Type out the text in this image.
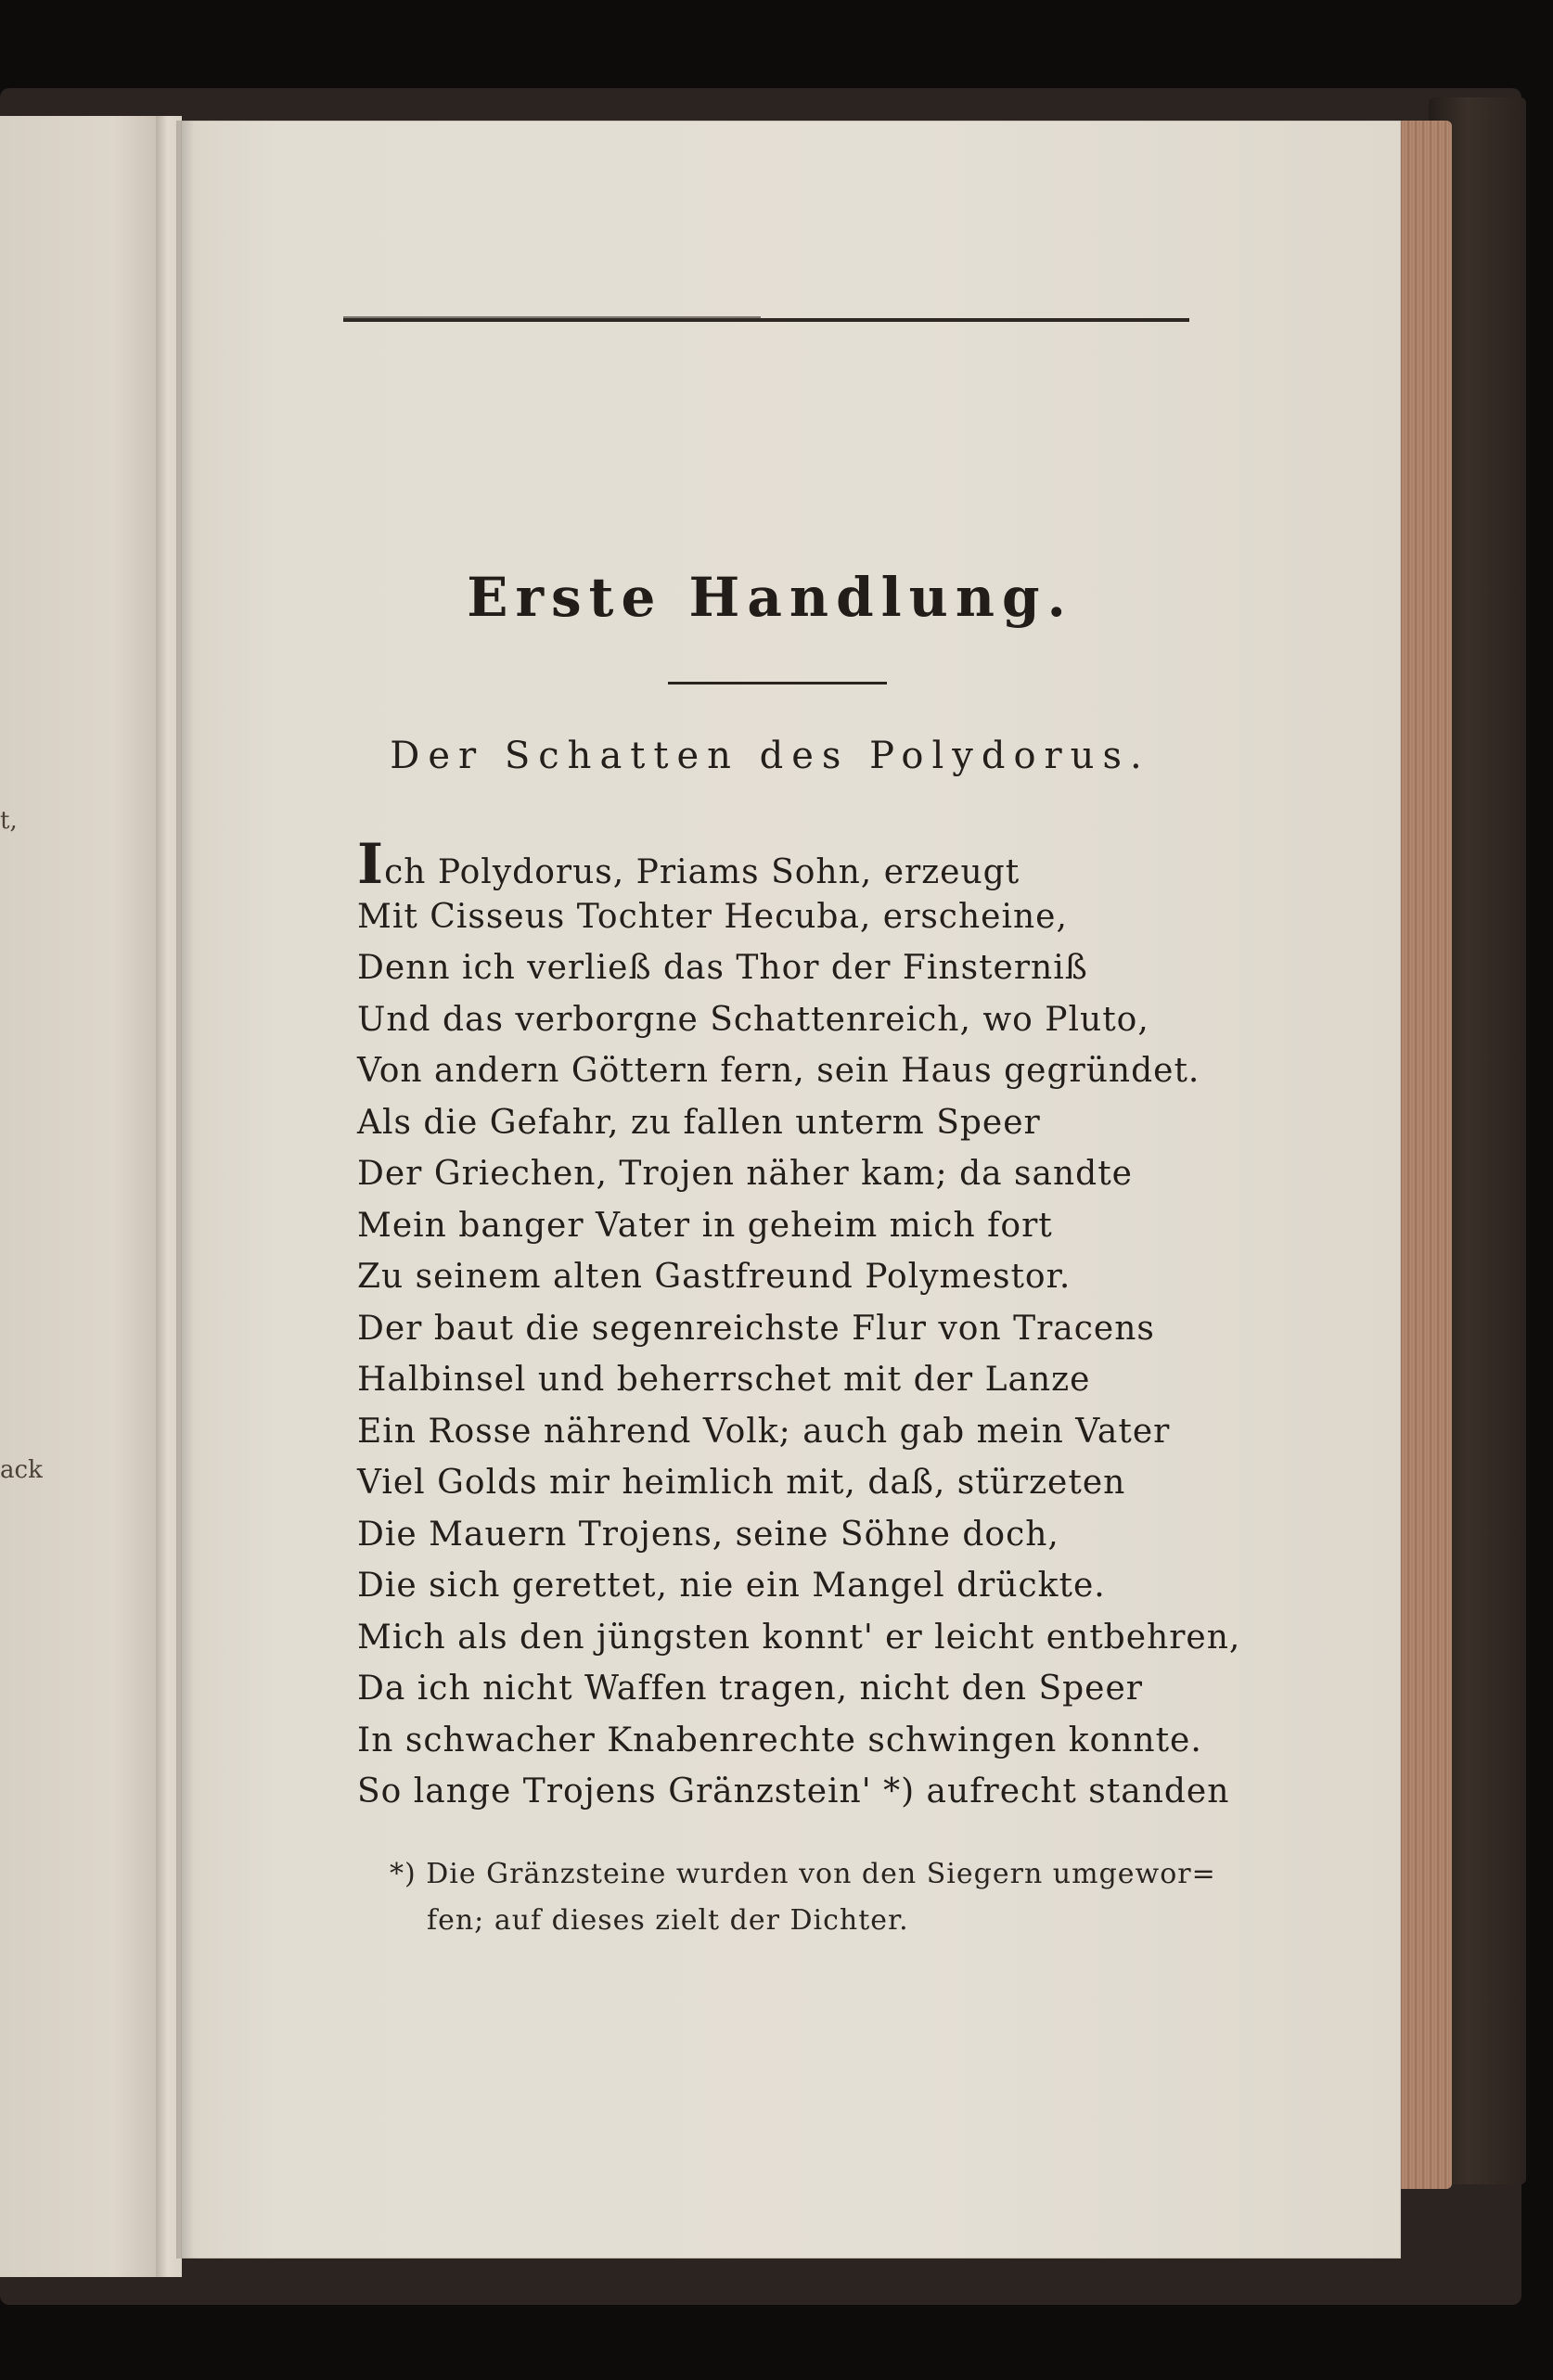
t,
ack
Erste Handlung.
Der Schatten des Polydorus.
Ich Polydorus, Priams Sohn, erzeugt
Mit Cisseus Tochter Hecuba, erscheine,
Denn ich verließ das Thor der Finsterniß
Und das verborgne Schattenreich, wo Pluto,
Von andern Göttern fern, sein Haus gegründet.
Als die Gefahr, zu fallen unterm Speer
Der Griechen, Trojen näher kam; da sandte
Mein banger Vater in geheim mich fort
Zu seinem alten Gastfreund Polymestor.
Der baut die segenreichste Flur von Tracens
Halbinsel und beherrschet mit der Lanze
Ein Rosse nährend Volk; auch gab mein Vater
Viel Golds mir heimlich mit, daß, stürzeten
Die Mauern Trojens, seine Söhne doch,
Die sich gerettet, nie ein Mangel drückte.
Mich als den jüngsten konnt' er leicht entbehren,
Da ich nicht Waffen tragen, nicht den Speer
In schwacher Knabenrechte schwingen konnte.
So lange Trojens Gränzstein' *) aufrecht standen
*) Die Gränzsteine wurden von den Siegern umgewor=
fen; auf dieses zielt der Dichter.
